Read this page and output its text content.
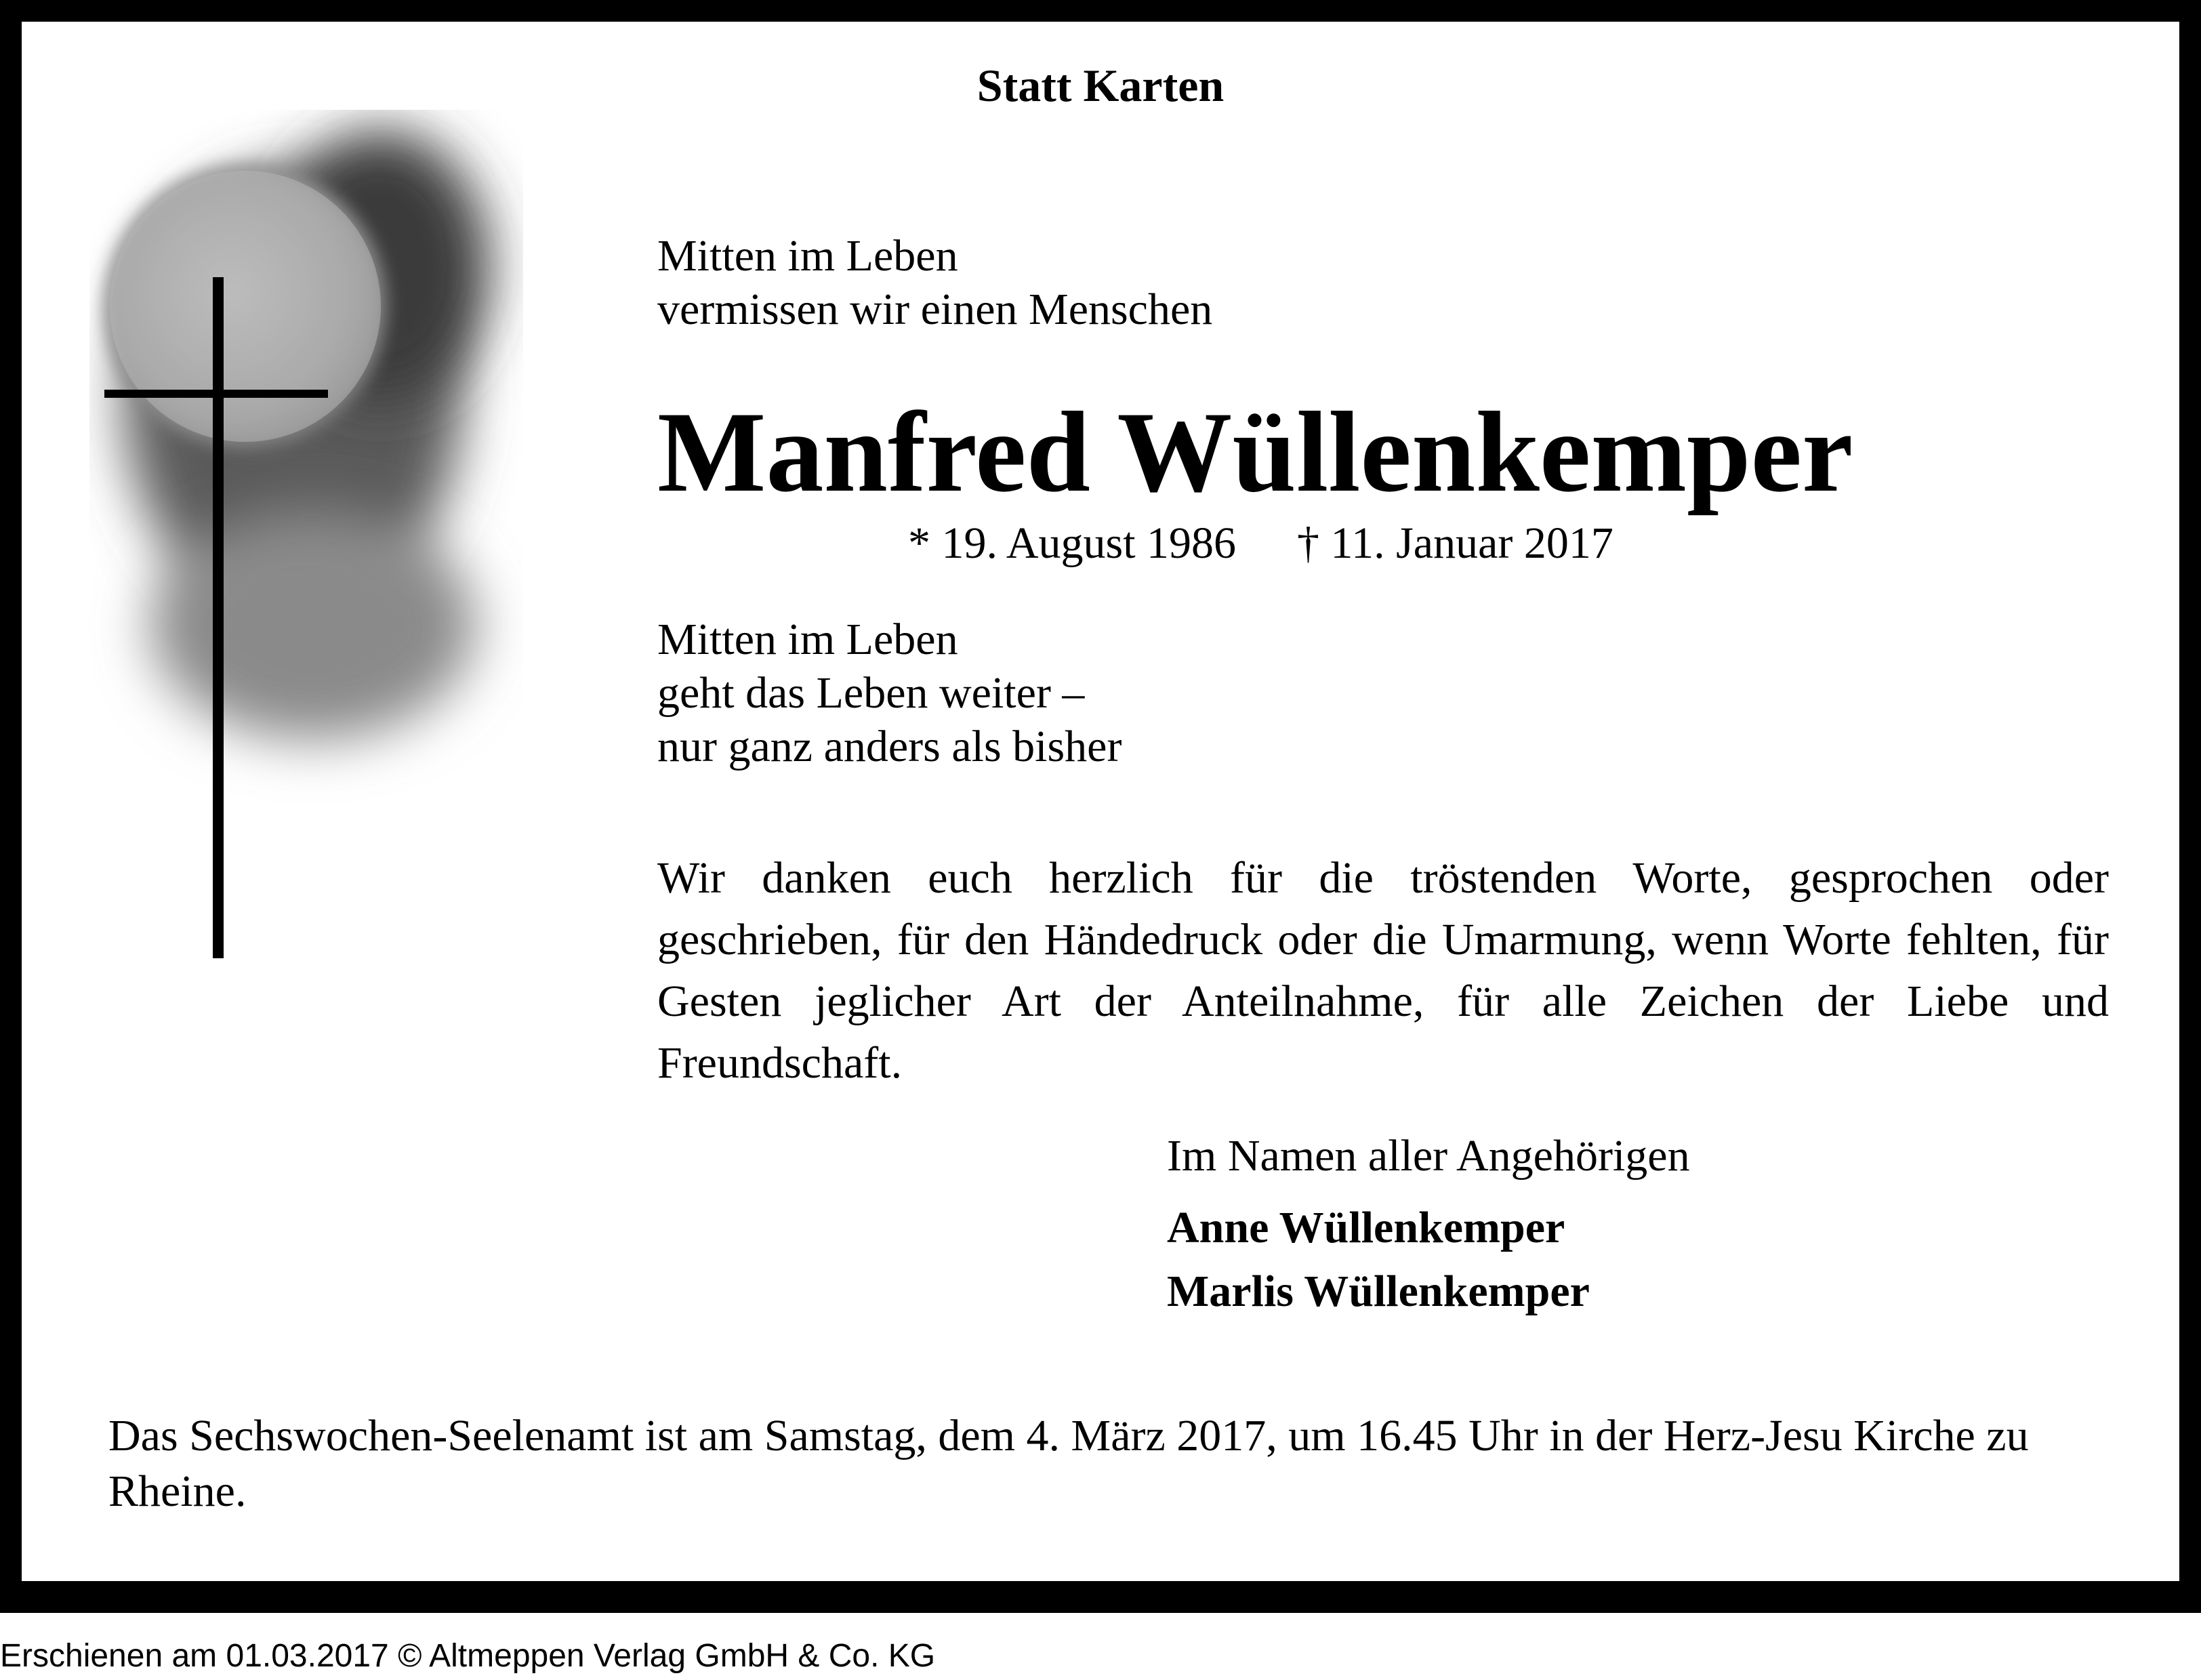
Statt Karten
Mitten im Leben
vermissen wir einen Menschen
Manfred Wüllenkemper
* 19. August 1986 † 11. Januar 2017
Mitten im Leben
geht das Leben weiter –
nur ganz anders als bisher
Wir danken euch herzlich für die tröstenden Worte, gesprochen oder geschrieben, für den Händedruck oder die Umarmung, wenn Worte fehlten, für Gesten jeglicher Art der Anteilnahme, für alle Zeichen der Liebe und Freundschaft.
Im Namen aller Angehörigen
Anne Wüllenkemper
Marlis Wüllenkemper
Das Sechswochen-Seelenamt ist am Samstag, dem 4. März 2017, um 16.45 Uhr in der Herz-Jesu Kirche zu Rheine.
Erschienen am 01.03.2017 © Altmeppen Verlag GmbH & Co. KG
